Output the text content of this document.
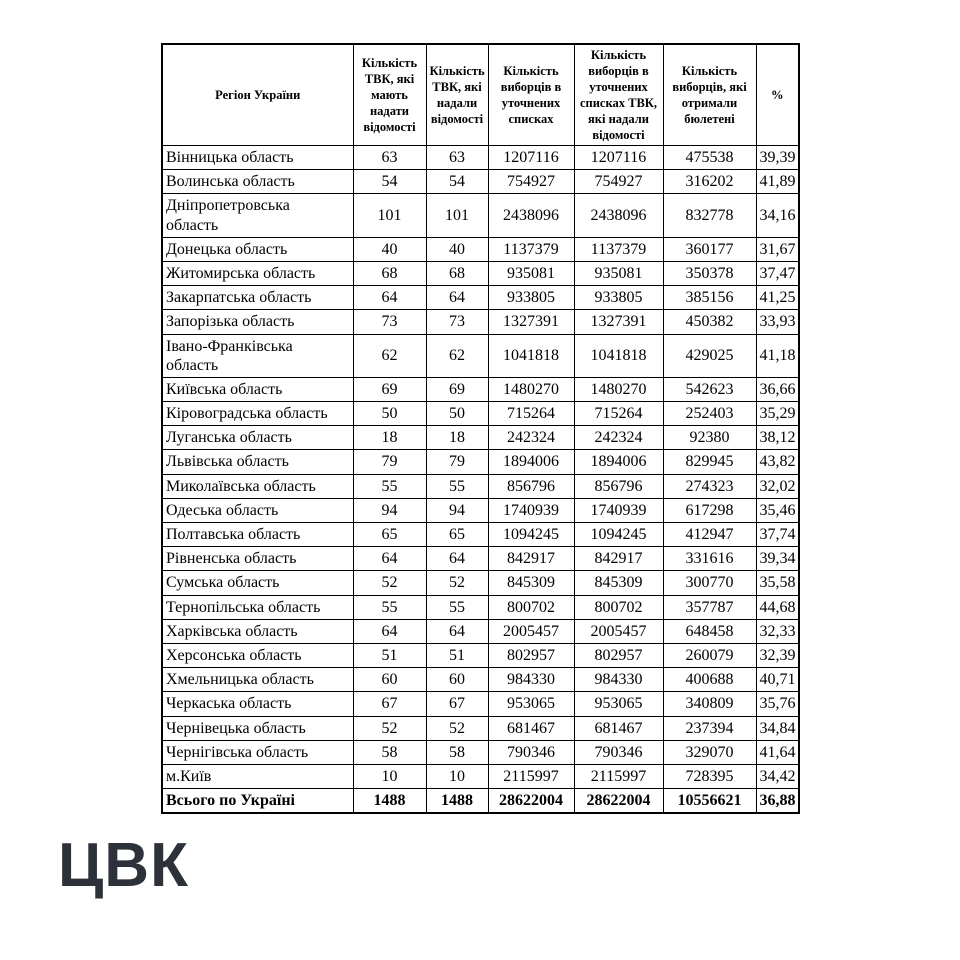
Регіон України	Кількість ТВК, які мають надати відомості	Кількість ТВК, які надали відомості	Кількість виборців в уточнених списках	Кількість виборців в уточнених списках ТВК, які надали відомості	Кількість виборців, які отримали бюлетені	%
Вінницька область	63	63	1207116	1207116	475538	39,39
Волинська область	54	54	754927	754927	316202	41,89
Дніпропетровська область	101	101	2438096	2438096	832778	34,16
Донецька область	40	40	1137379	1137379	360177	31,67
Житомирська область	68	68	935081	935081	350378	37,47
Закарпатська область	64	64	933805	933805	385156	41,25
Запорізька область	73	73	1327391	1327391	450382	33,93
Івано-Франківська область	62	62	1041818	1041818	429025	41,18
Київська область	69	69	1480270	1480270	542623	36,66
Кіровоградська область	50	50	715264	715264	252403	35,29
Луганська область	18	18	242324	242324	92380	38,12
Львівська область	79	79	1894006	1894006	829945	43,82
Миколаївська область	55	55	856796	856796	274323	32,02
Одеська область	94	94	1740939	1740939	617298	35,46
Полтавська область	65	65	1094245	1094245	412947	37,74
Рівненська область	64	64	842917	842917	331616	39,34
Сумська область	52	52	845309	845309	300770	35,58
Тернопільська область	55	55	800702	800702	357787	44,68
Харківська область	64	64	2005457	2005457	648458	32,33
Херсонська область	51	51	802957	802957	260079	32,39
Хмельницька область	60	60	984330	984330	400688	40,71
Черкаська область	67	67	953065	953065	340809	35,76
Чернівецька область	52	52	681467	681467	237394	34,84
Чернігівська область	58	58	790346	790346	329070	41,64
м.Київ	10	10	2115997	2115997	728395	34,42
Всього по Україні	1488	1488	28622004	28622004	10556621	36,88
ЦВК
